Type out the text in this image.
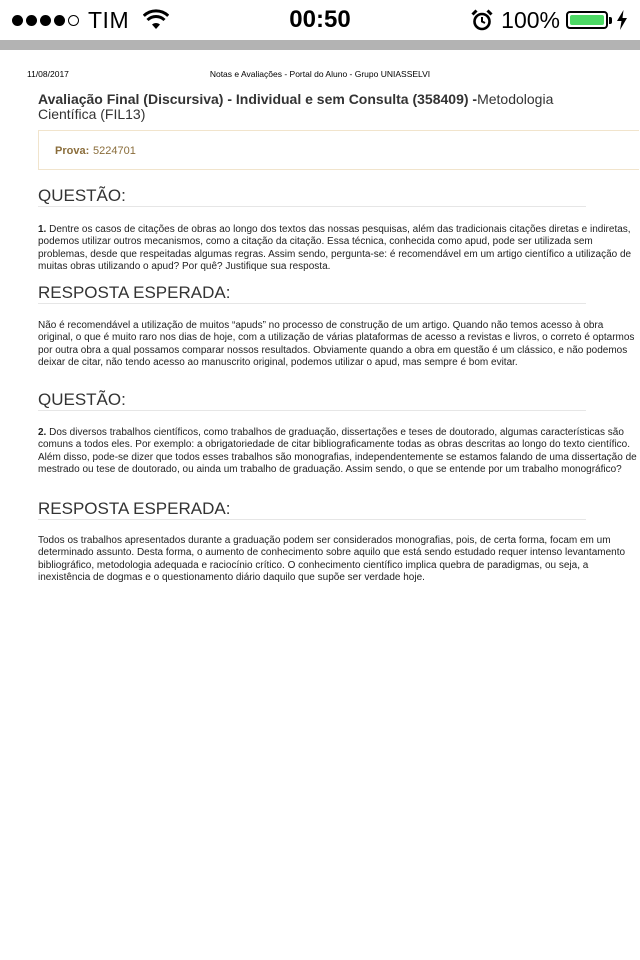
TIM	00:50	100%
11/08/2017	Notas e Avaliações - Portal do Aluno - Grupo UNIASSELVI
Avaliação Final (Discursiva) - Individual e sem Consulta (358409) -Metodologia Científica (FIL13)
Prova: 5224701
QUESTÃO:
1. Dentre os casos de citações de obras ao longo dos textos das nossas pesquisas, além das tradicionais citações diretas e indiretas, podemos utilizar outros mecanismos, como a citação da citação. Essa técnica, conhecida como apud, pode ser utilizada sem problemas, desde que respeitadas algumas regras. Assim sendo, pergunta-se: é recomendável em um artigo científico a utilização de muitas obras utilizando o apud? Por quê? Justifique sua resposta.
RESPOSTA ESPERADA:
Não é recomendável a utilização de muitos “apuds” no processo de construção de um artigo. Quando não temos acesso à obra original, o que é muito raro nos dias de hoje, com a utilização de várias plataformas de acesso a revistas e livros, o correto é optarmos por outra obra a qual possamos comparar nossos resultados. Obviamente quando a obra em questão é um clássico, e não podemos deixar de citar, não tendo acesso ao manuscrito original, podemos utilizar o apud, mas sempre é bom evitar.
QUESTÃO:
2. Dos diversos trabalhos científicos, como trabalhos de graduação, dissertações e teses de doutorado, algumas características são comuns a todos eles. Por exemplo: a obrigatoriedade de citar bibliograficamente todas as obras descritas ao longo do texto científico. Além disso, pode-se dizer que todos esses trabalhos são monografias, independentemente se estamos falando de uma dissertação de mestrado ou tese de doutorado, ou ainda um trabalho de graduação. Assim sendo, o que se entende por um trabalho monográfico?
RESPOSTA ESPERADA:
Todos os trabalhos apresentados durante a graduação podem ser considerados monografias, pois, de certa forma, focam em um determinado assunto. Desta forma, o aumento de conhecimento sobre aquilo que está sendo estudado requer intenso levantamento bibliográfico, metodologia adequada e raciocínio crítico. O conhecimento científico implica quebra de paradigmas, ou seja, a inexistência de dogmas e o questionamento diário daquilo que supõe ser verdade hoje.
